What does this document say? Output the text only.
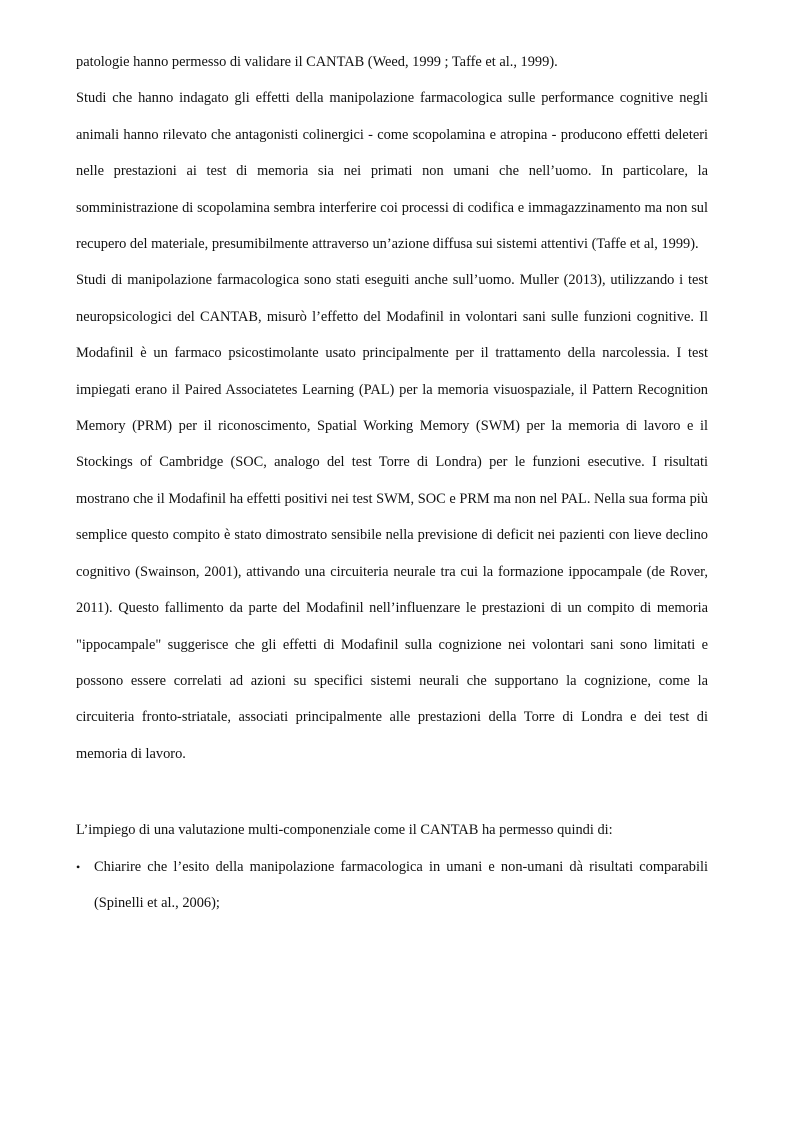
patologie hanno permesso di validare il CANTAB (Weed, 1999 ; Taffe et al., 1999).

Studi che hanno indagato gli effetti della manipolazione farmacologica sulle performance cognitive negli animali hanno rilevato che antagonisti colinergici - come scopolamina e atropina - producono effetti deleteri nelle prestazioni ai test di memoria sia nei primati non umani che nell’uomo. In particolare, la somministrazione di scopolamina sembra interferire coi processi di codifica e immagazzinamento ma non sul recupero del materiale, presumibilmente attraverso un’azione diffusa sui sistemi attentivi (Taffe et al, 1999).

Studi di manipolazione farmacologica sono stati eseguiti anche sull’uomo. Muller (2013), utilizzando i test neuropsicologici del CANTAB, misurò l’effetto del Modafinil in volontari sani sulle funzioni cognitive. Il Modafinil è un farmaco psicostimolante usato principalmente per il trattamento della narcolessia. I test impiegati erano il Paired Associatetes Learning (PAL) per la memoria visuospaziale, il Pattern Recognition Memory (PRM) per il riconoscimento, Spatial Working Memory (SWM) per la memoria di lavoro e il Stockings of Cambridge (SOC, analogo del test Torre di Londra) per le funzioni esecutive. I risultati mostrano che il Modafinil ha effetti positivi nei test SWM, SOC e PRM ma non nel PAL. Nella sua forma più semplice questo compito è stato dimostrato sensibile nella previsione di deficit nei pazienti con lieve declino cognitivo (Swainson, 2001), attivando una circuiteria neurale tra cui la formazione ippocampale (de Rover, 2011). Questo fallimento da parte del Modafinil nell’influenzare le prestazioni di un compito di memoria "ippocampale" suggerisce che gli effetti di Modafinil sulla cognizione nei volontari sani sono limitati e possono essere correlati ad azioni su specifici sistemi neurali che supportano la cognizione, come la circuiteria fronto-striatale, associati principalmente alle prestazioni della Torre di Londra e dei test di memoria di lavoro.

L’impiego di una valutazione multi-componenziale come il CANTAB ha permesso quindi di:

• Chiarire che l’esito della manipolazione farmacologica in umani e non-umani dà risultati comparabili (Spinelli et al., 2006);
